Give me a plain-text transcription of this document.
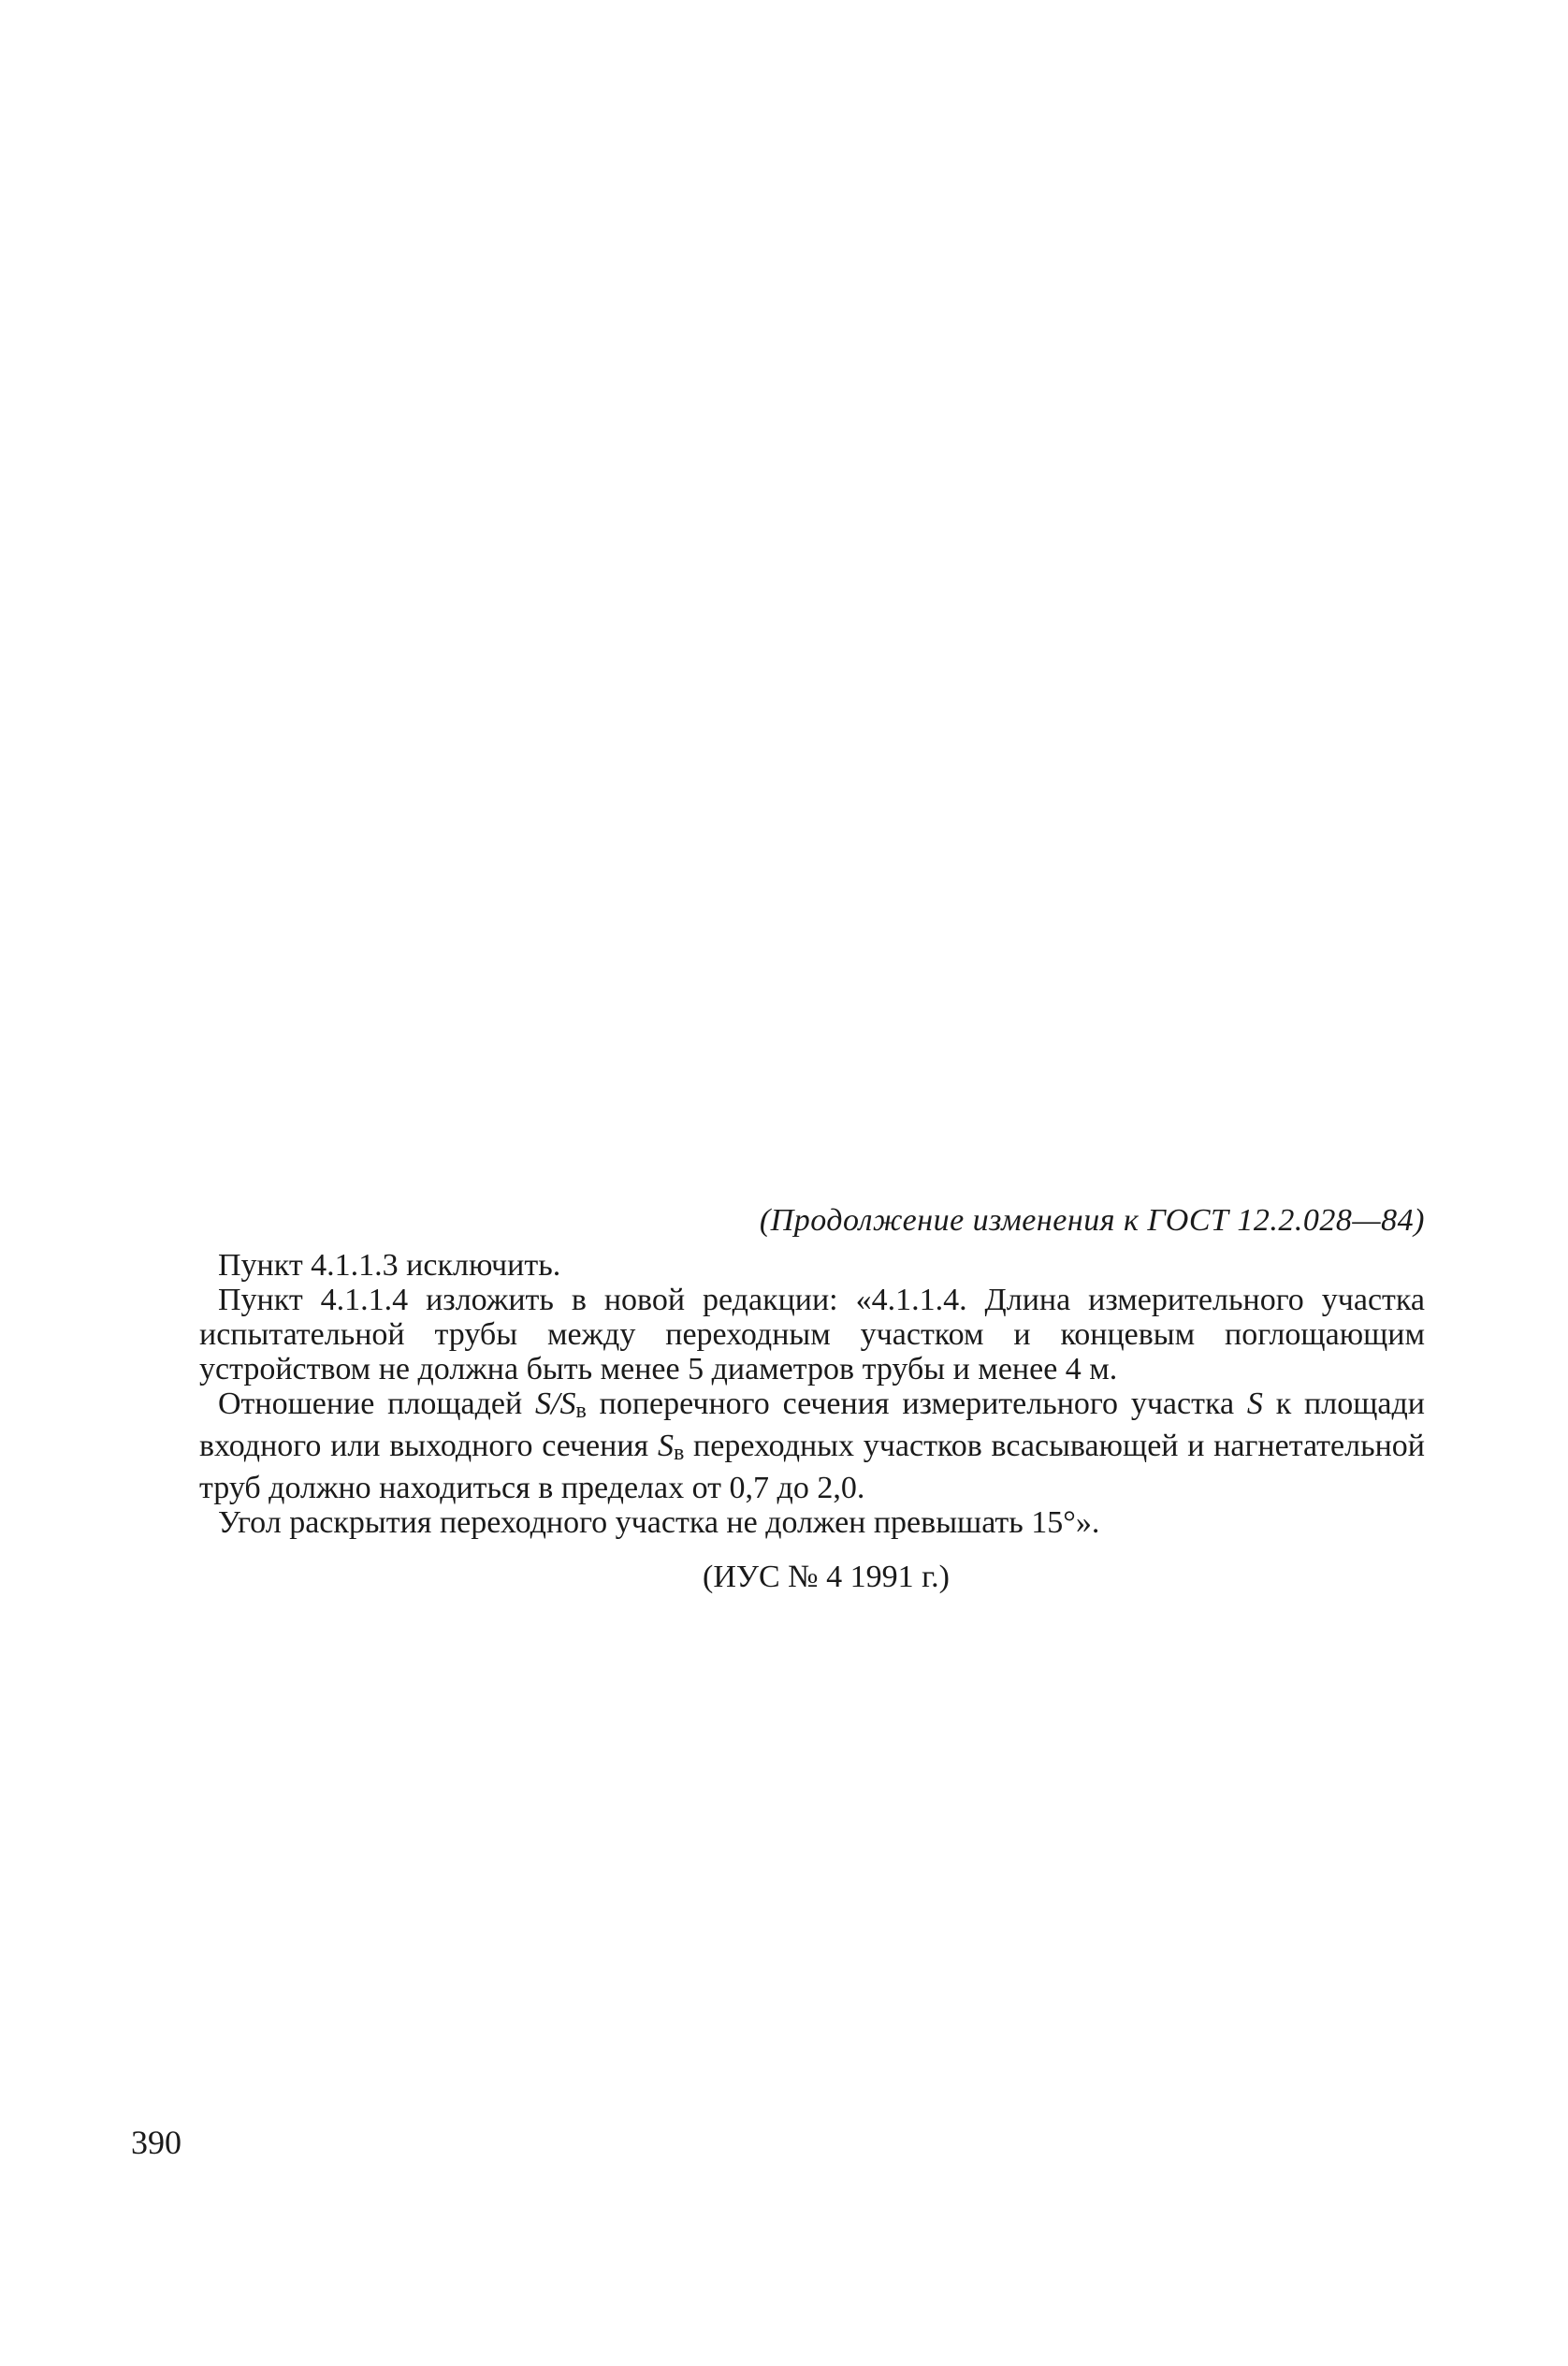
(Продолжение изменения к ГОСТ 12.2.028—84)

Пункт 4.1.1.3 исключить.

Пункт 4.1.1.4 изложить в новой редакции: «4.1.1.4. Длина измерительного участка испытательной трубы между переходным участком и концевым поглощающим устройством не должна быть менее 5 диаметров трубы и менее 4 м.

Отношение площадей S/Sв поперечного сечения измерительного участка S к площади входного или выходного сечения Sв переходных участков всасывающей и нагнетательной труб должно находиться в пределах от 0,7 до 2,0.

Угол раскрытия переходного участка не должен превышать 15°».

(ИУС № 4 1991 г.)

390
